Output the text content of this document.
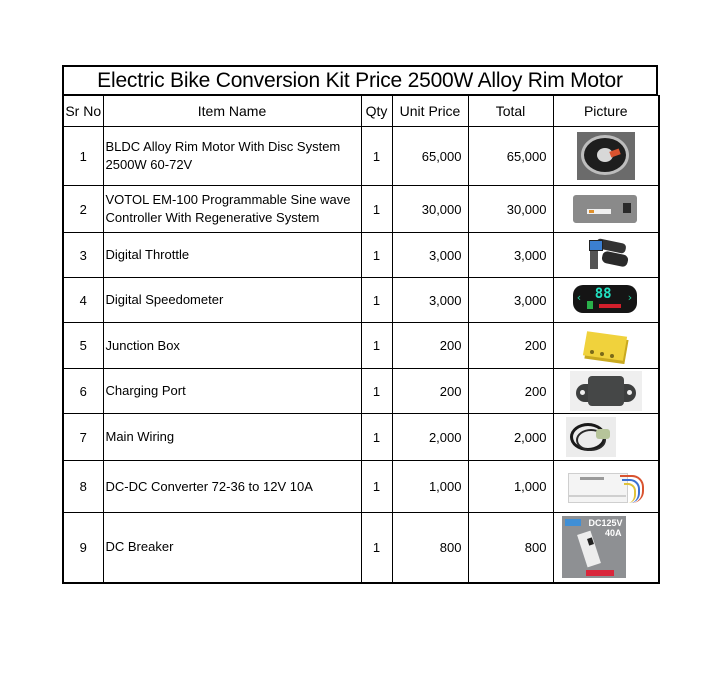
Electric Bike Conversion Kit Price 2500W Alloy Rim Motor
Sr No	Item Name	Qty	Unit Price	Total	Picture
1	BLDC Alloy Rim Motor With Disc System 2500W 60-72V	1	65,000	65,000	

2	VOTOL EM-100 Programmable Sine wave Controller With Regenerative System	1	30,000	30,000	

3	Digital Throttle	1	3,000	3,000	

4	Digital Speedometer	1	3,000	3,000	‹ ›
88

5	Junction Box	1	200	200	

6	Charging Port	1	200	200	

7	Main Wiring	1	2,000	2,000	

8	DC-DC Converter 72-36 to 12V 10A	1	1,000	1,000	

9	DC Breaker	1	800	800	DC125V
40A
